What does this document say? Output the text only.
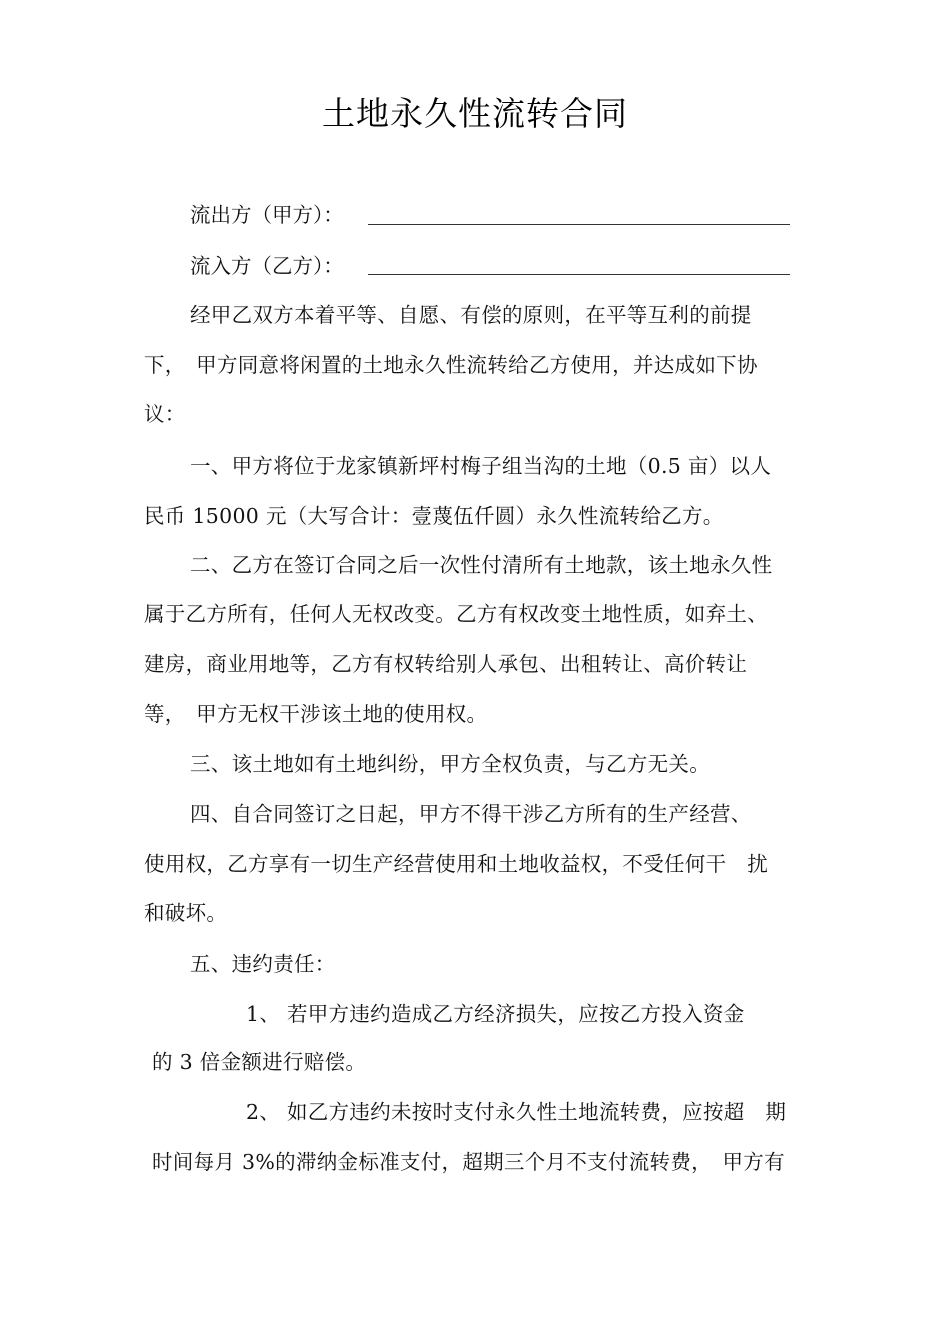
土地永久性流转合同
流出方（甲方）：
流入方（乙方）：
经甲乙双方本着平等、自愿、有偿的原则，在平等互利的前提
下，　甲方同意将闲置的土地永久性流转给乙方使用，并达成如下协
议：
一、甲方将位于龙家镇新坪村梅子组当沟的土地（0.5 亩）以人
民币 15000 元（大写合计：壹蔑伍仟圆）永久性流转给乙方。
二、乙方在签订合同之后一次性付清所有土地款，该土地永久性
属于乙方所有，任何人无权改变。乙方有权改变土地性质，如弃土、
建房，商业用地等，乙方有权转给别人承包、出租转让、高价转让
等，　甲方无权干涉该土地的使用权。
三、该土地如有土地纠纷，甲方全权负责，与乙方无关。
四、自合同签订之日起，甲方不得干涉乙方所有的生产经营、
使用权，乙方享有一切生产经营使用和土地收益权，不受任何干　扰
和破坏。
五、违约责任：
1、 若甲方违约造成乙方经济损失，应按乙方投入资金
的 3 倍金额进行赔偿。
2、 如乙方违约未按时支付永久性土地流转费，应按超　期
时间每月 3%的滞纳金标准支付，超期三个月不支付流转费，　甲方有
